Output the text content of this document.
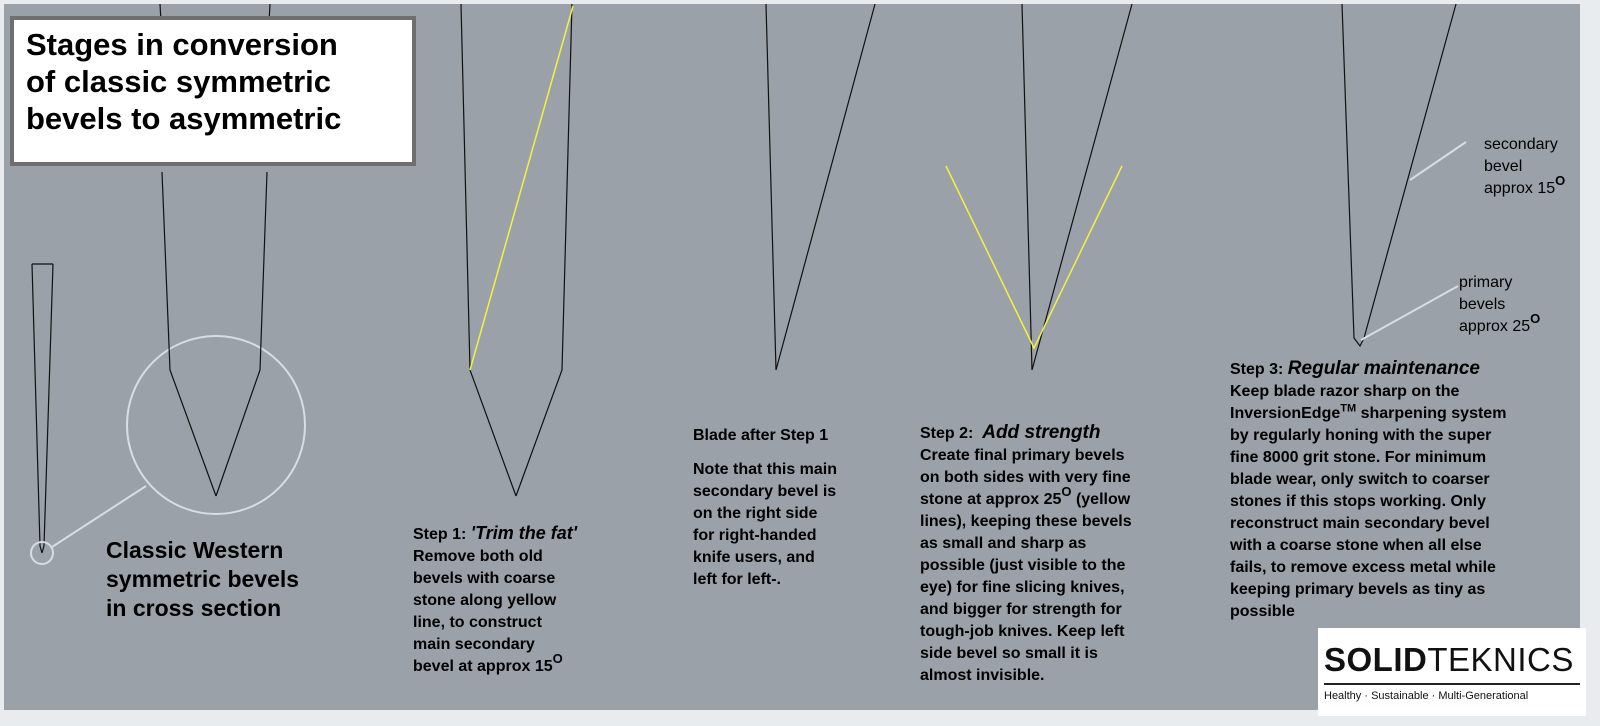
Stages in conversion
of classic symmetric
bevels to asymmetric
Classic Western
symmetric bevels
in cross section
Step 1: 'Trim the fat'
Remove both old
bevels with coarse
stone along yellow
line, to construct
main secondary
bevel at approx $15^O$
Blade after Step 1
Note that this main
secondary bevel is
on the right side
for right-handed
knife users, and
left for left-.
Step 2:  Add strength
Create final primary bevels
on both sides with very fine
stone at approx $25^O$ (yellow
lines), keeping these bevels
as small and sharp as
possible (just visible to the
eye) for fine slicing knives,
and bigger for strength for
tough-job knives. Keep left
side bevel so small it is
almost invisible.
Step 3: Regular maintenance
Keep blade razor sharp on the
InversionEdge™ sharpening system
by regularly honing with the super
fine 8000 grit stone. For minimum
blade wear, only switch to coarser
stones if this stops working. Only
reconstruct main secondary bevel
with a coarse stone when all else
fails, to remove excess metal while
keeping primary bevels as tiny as
possible
secondary
bevel
approx $15^O$
primary
bevels
approx $25^O$
SOLIDTEKNICS
Healthy · Sustainable · Multi-Generational
